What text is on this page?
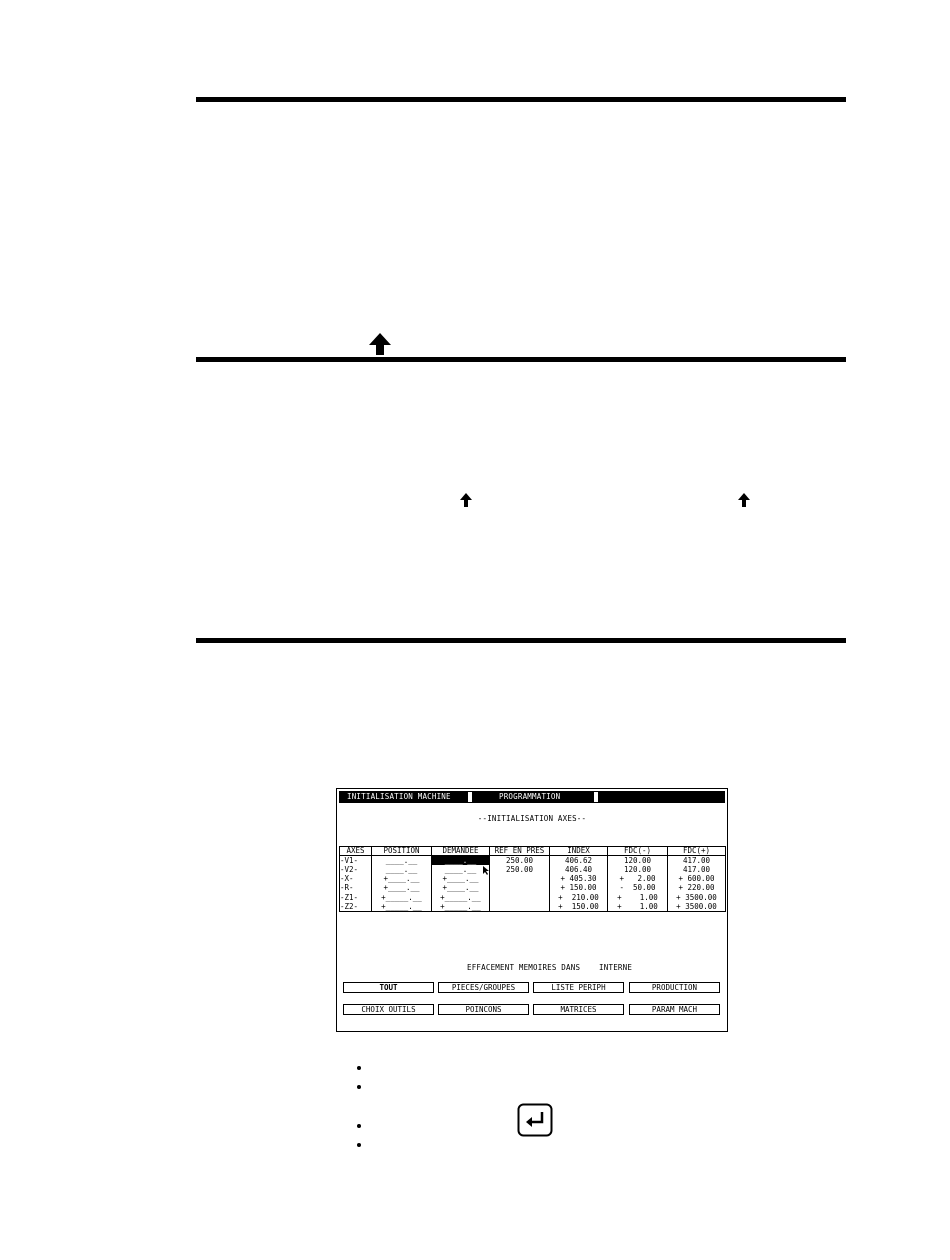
INITIALISATION MACHINE	PROGRAMMATION
--INITIALISATION AXES--
AXES	POSITION	DEMANDEE	REF EN PRES	INDEX	FDC(-)	FDC(+)
-V1-	____.__	____.__	250.00	406.62	120.00	417.00
-V2-	____.__	____.__	250.00	406.40	120.00	417.00
-X-	+____.__	+____.__		+ 405.30	+   2.00	+ 600.00
-R-	+____.__	+____.__		+ 150.00	-  50.00	+ 220.00
-Z1-	+_____.__	+_____.__		+  210.00	+    1.00	+ 3500.00
-Z2-	+_____.__	+_____.__		+  150.00	+    1.00	+ 3500.00
EFFACEMENT MEMOIRES DANS	INTERNE
TOUT	PIECES/GROUPES	LISTE PERIPH	PRODUCTION
CHOIX OUTILS	POINCONS	MATRICES	PARAM MACH
